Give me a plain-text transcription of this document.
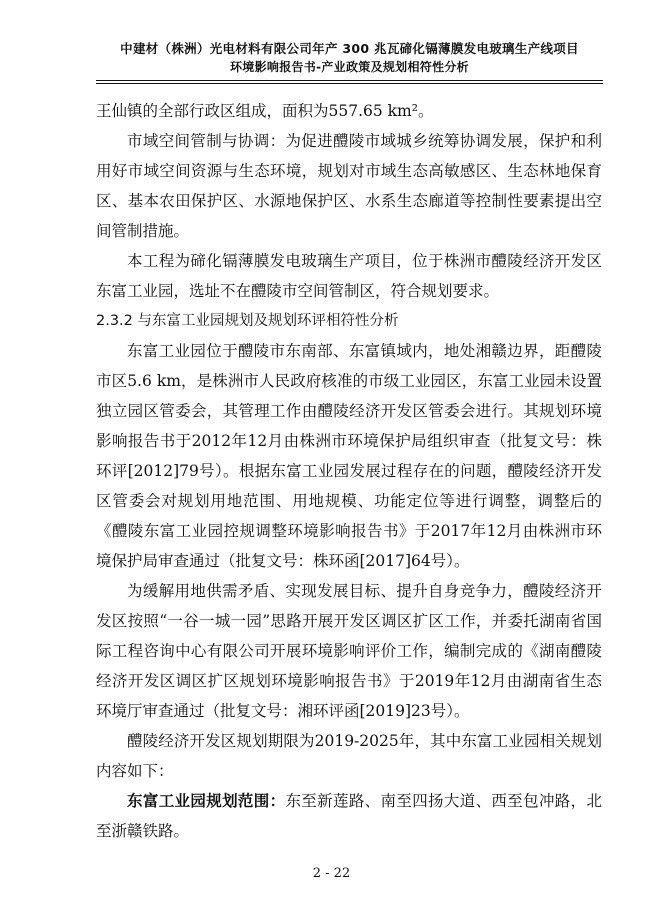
中建材（株洲）光电材料有限公司年产 300 兆瓦碲化镉薄膜发电玻璃生产线项目
环境影响报告书-产业政策及规划相符性分析

王仙镇的全部行政区组成，面积为557.65 km²。

市域空间管制与协调：为促进醴陵市域城乡统筹协调发展，保护和利用好市域空间资源与生态环境，规划对市域生态高敏感区、生态林地保育区、基本农田保护区、水源地保护区、水系生态廊道等控制性要素提出空间管制措施。

本工程为碲化镉薄膜发电玻璃生产项目，位于株洲市醴陵经济开发区东富工业园，选址不在醴陵市空间管制区，符合规划要求。

2.3.2 与东富工业园规划及规划环评相符性分析

东富工业园位于醴陵市东南部、东富镇域内，地处湘赣边界，距醴陵市区5.6 km，是株洲市人民政府核准的市级工业园区，东富工业园未设置独立园区管委会，其管理工作由醴陵经济开发区管委会进行。其规划环境影响报告书于2012年12月由株洲市环境保护局组织审查（批复文号：株环评[2012]79号）。根据东富工业园发展过程存在的问题，醴陵经济开发区管委会对规划用地范围、用地规模、功能定位等进行调整，调整后的《醴陵东富工业园控规调整环境影响报告书》于2017年12月由株洲市环境保护局审查通过（批复文号：株环函[2017]64号）。

为缓解用地供需矛盾、实现发展目标、提升自身竞争力，醴陵经济开发区按照“一谷一城一园”思路开展开发区调区扩区工作，并委托湖南省国际工程咨询中心有限公司开展环境影响评价工作，编制完成的《湖南醴陵经济开发区调区扩区规划环境影响报告书》于2019年12月由湖南省生态环境厅审查通过（批复文号：湘环评函[2019]23号）。

醴陵经济开发区规划期限为2019-2025年，其中东富工业园相关规划内容如下：

东富工业园规划范围：东至新莲路、南至四扬大道、西至包冲路，北至浙赣铁路。

2 - 22
